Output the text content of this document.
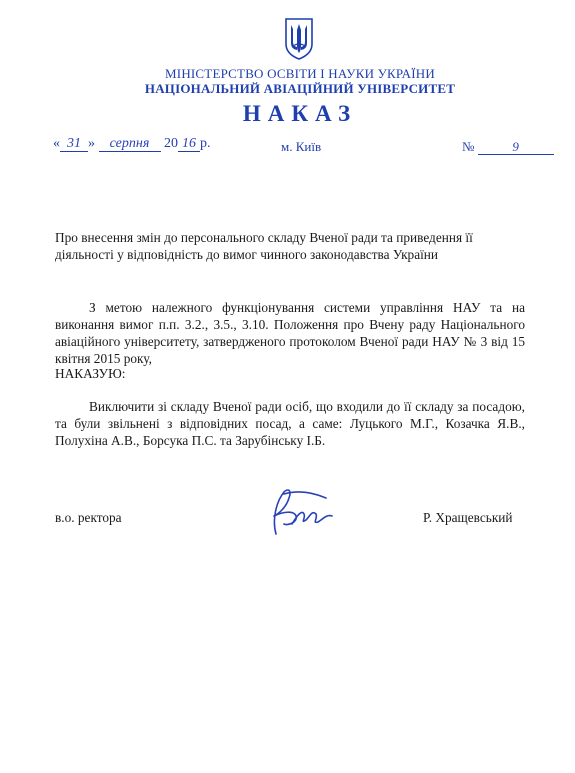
МІНІСТЕРСТВО ОСВІТИ І НАУКИ УКРАЇНИ
НАЦІОНАЛЬНИЙ АВІАЦІЙНИЙ УНІВЕРСИТЕТ
НАКАЗ
« 31 » серпня 20 16 р.	м. Київ	№	9
Про внесення змін до персонального складу Вченої ради та приведення її діяльності у відповідність до вимог чинного законодавства України
З метою належного функціонування системи управління НАУ та на виконання вимог п.п. 3.2., 3.5., 3.10. Положення про Вчену раду Національного авіаційного університету, затвердженого протоколом Вченої ради НАУ № 3 від 15 квітня 2015 року,
НАКАЗУЮ:
Виключити зі складу Вченої ради осіб, що входили до її складу за посадою, та були звільнені з відповідних посад, а саме: Луцького М.Г., Козачка Я.В., Полухіна А.В., Борсука П.С. та Зарубінську І.Б.
в.о. ректора	Р. Хращевський
